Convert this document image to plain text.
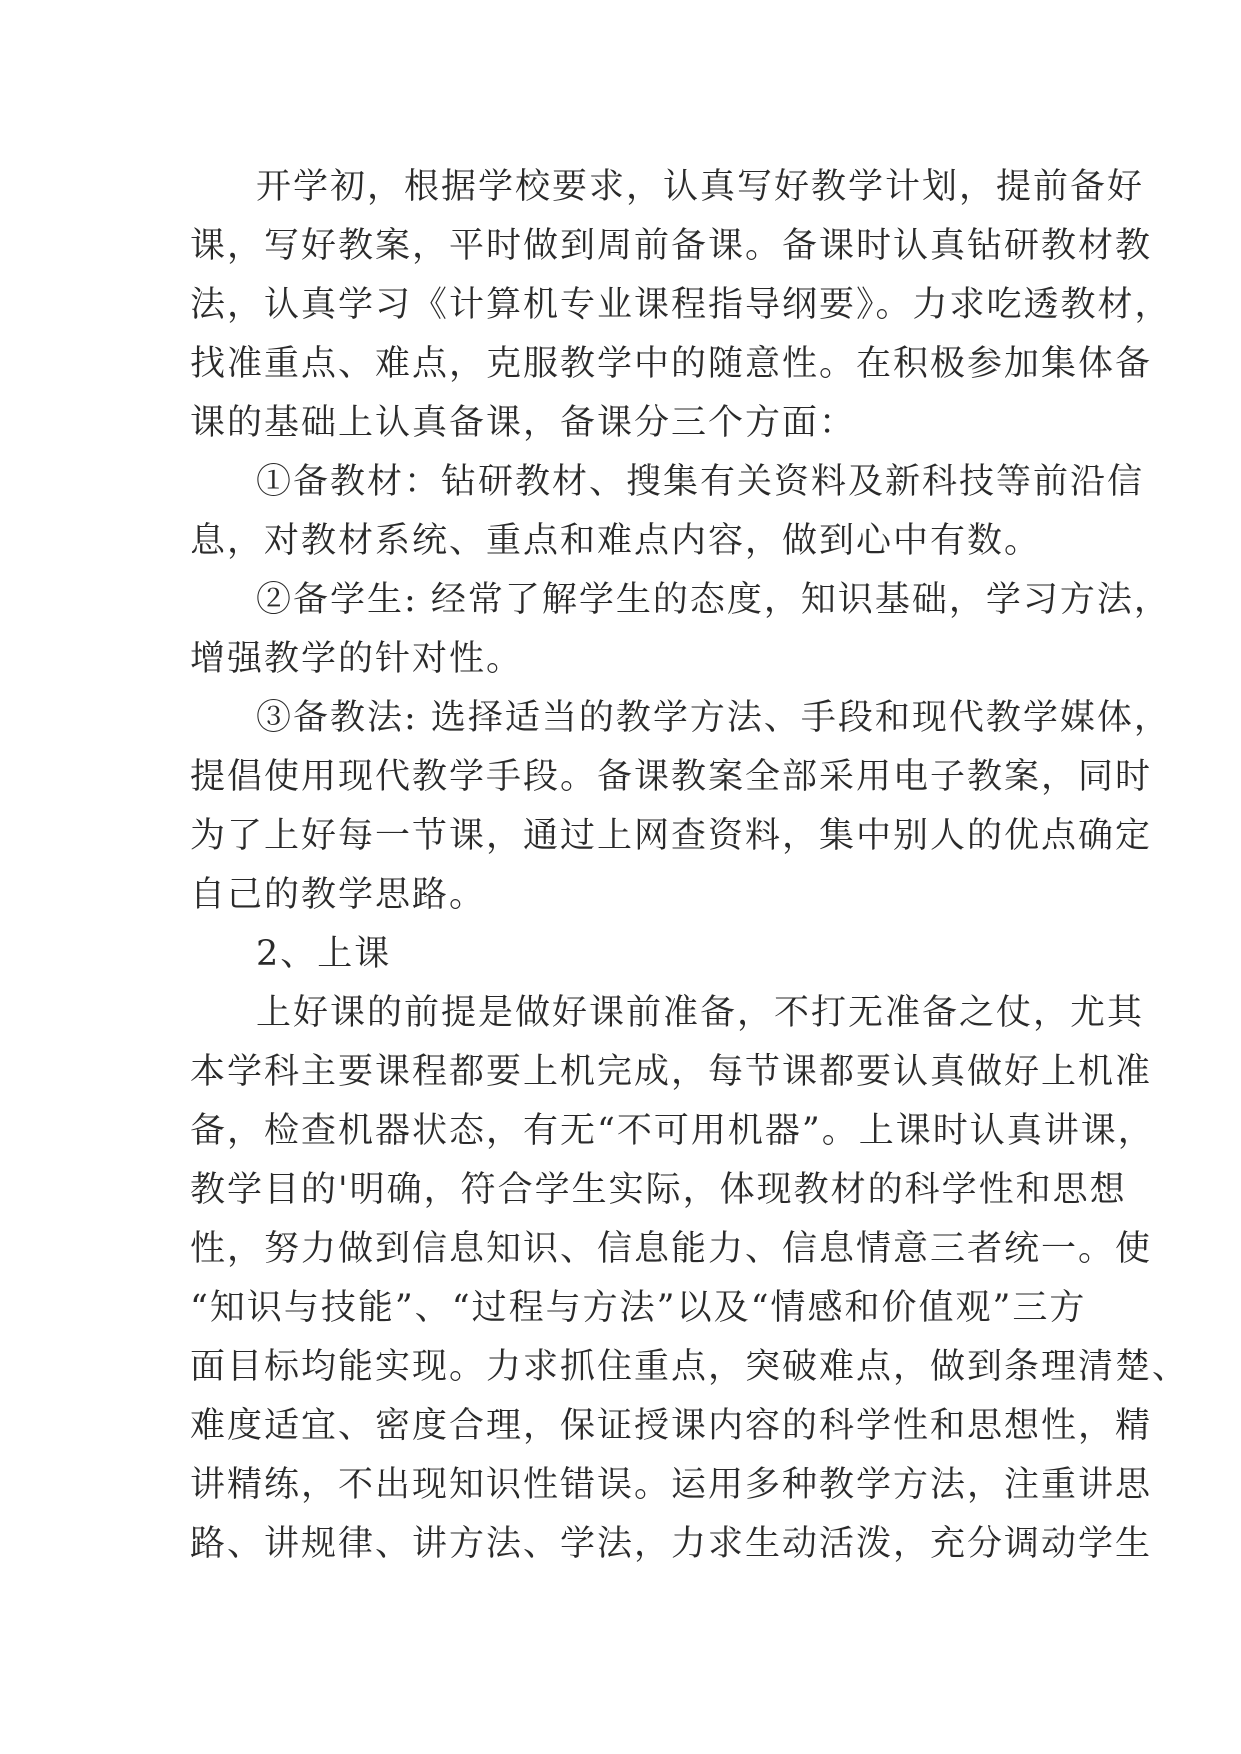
开学初，根据学校要求，认真写好教学计划，提前备好
课，写好教案，平时做到周前备课。备课时认真钻研教材教
法，认真学习《计算机专业课程指导纲要》。力求吃透教材，
找准重点、难点，克服教学中的随意性。在积极参加集体备
课的基础上认真备课，备课分三个方面：
①备教材：钻研教材、搜集有关资料及新科技等前沿信
息，对教材系统、重点和难点内容，做到心中有数。
②备学生: 经常了解学生的态度，知识基础，学习方法，
增强教学的针对性。
③备教法: 选择适当的教学方法、手段和现代教学媒体，
提倡使用现代教学手段。备课教案全部采用电子教案，同时
为了上好每一节课，通过上网查资料，集中别人的优点确定
自己的教学思路。
2、上课
上好课的前提是做好课前准备，不打无准备之仗，尤其
本学科主要课程都要上机完成，每节课都要认真做好上机准
备，检查机器状态，有无“不可用机器”。上课时认真讲课，
教学目的'明确，符合学生实际，体现教材的科学性和思想
性，努力做到信息知识、信息能力、信息情意三者统一。使
“知识与技能”、“过程与方法”以及“情感和价值观”三方
面目标均能实现。力求抓住重点，突破难点，做到条理清楚、
难度适宜、密度合理，保证授课内容的科学性和思想性，精
讲精练，不出现知识性错误。运用多种教学方法，注重讲思
路、讲规律、讲方法、学法，力求生动活泼，充分调动学生
